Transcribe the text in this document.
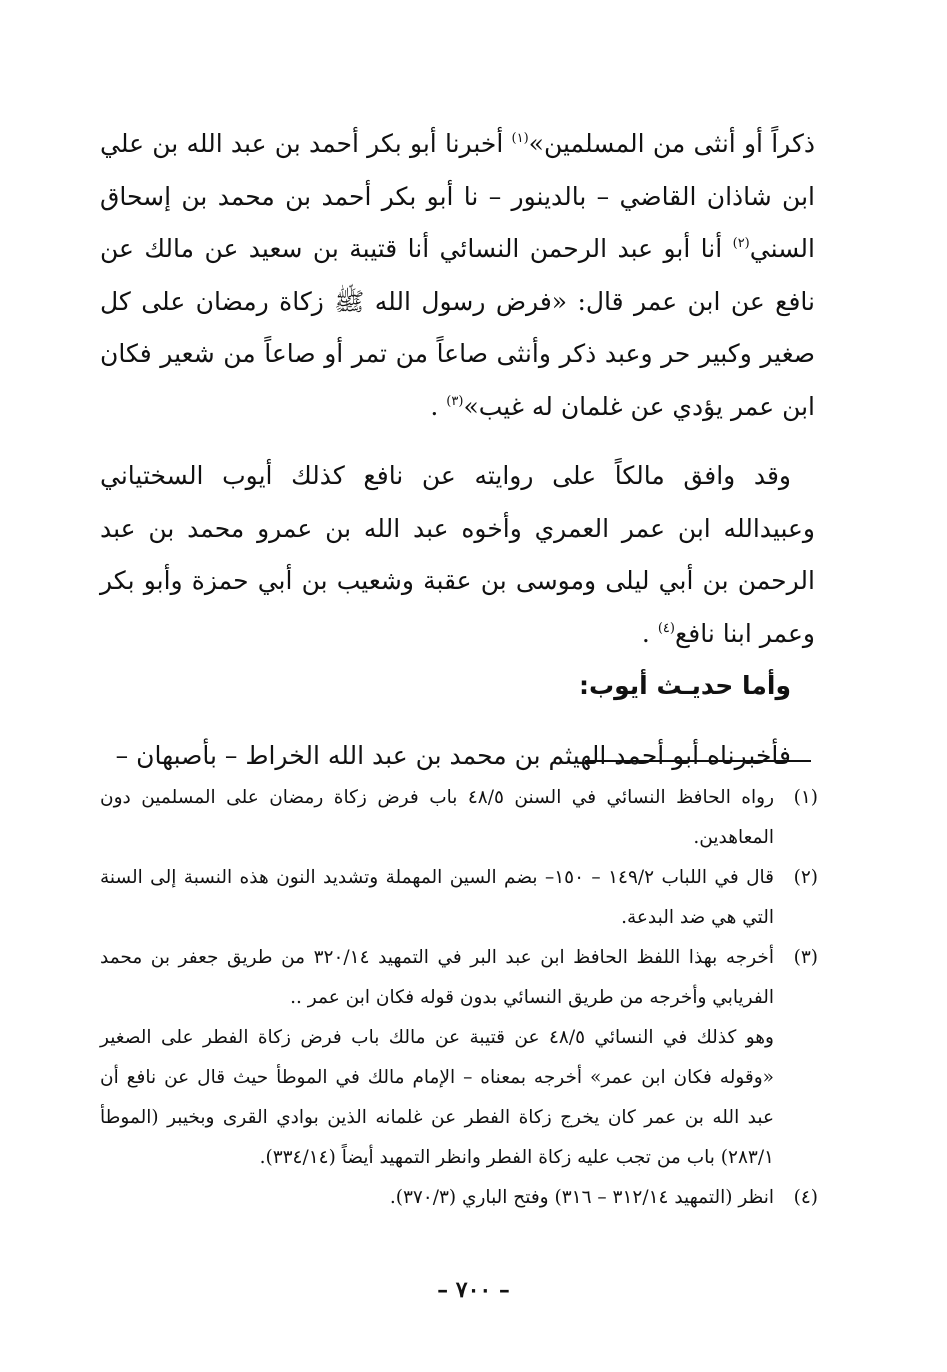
ذكراً أو أنثى من المسلمين»$^{(١)}$ أخبرنا أبو بكر أحمد بن عبد الله بن علي ابن شاذان القاضي – بالدينور – نا أبو بكر أحمد بن محمد بن إسحاق السني$^{(٢)}$ أنا أبو عبد الرحمن النسائي أنا قتيبة بن سعيد عن مالك عن نافع عن ابن عمر قال: «فرض رسول الله ﷺ زكاة رمضان على كل صغير وكبير حر وعبد ذكر وأنثى صاعاً من تمر أو صاعاً من شعير فكان ابن عمر يؤدي عن غلمان له غيب»$^{(٣)}$ .

وقد وافق مالكاً على روايته عن نافع كذلك أيوب السختياني وعبيدالله ابن عمر العمري وأخوه عبد الله بن عمرو محمد بن عبد الرحمن بن أبي ليلى وموسى بن عقبة وشعيب بن أبي حمزة وأبو بكر وعمر ابنا نافع$^{(٤)}$ .

وأما حديـث أيوب:

فأخبرناه أبو أحمد الهيثم بن محمد بن عبد الله الخراط – بأصبهان –

(١)

رواه الحافظ النسائي في السنن ٤٨/٥ باب فرض زكاة رمضان على المسلمين دون المعاهدين.

(٢)

قال في اللباب ١٤٩/٢ – ١٥٠– بضم السين المهملة وتشديد النون هذه النسبة إلى السنة التي هي ضد البدعة.

(٣)

أخرجه بهذا اللفظ الحافظ ابن عبد البر في التمهيد ٣٢٠/١٤ من طريق جعفر بن محمد الفريابي وأخرجه من طريق النسائي بدون قوله فكان ابن عمر ..

وهو كذلك في النسائي ٤٨/٥ عن قتيبة عن مالك باب فرض زكاة الفطر على الصغير «وقوله فكان ابن عمر» أخرجه بمعناه – الإمام مالك في الموطأ حيث قال عن نافع أن عبد الله بن عمر كان يخرج زكاة الفطر عن غلمانه الذين بوادي القرى وبخيبر (الموطأ ٢٨٣/١) باب من تجب عليه زكاة الفطر وانظر التمهيد أيضاً (٣٣٤/١٤).

(٤)

انظر (التمهيد ٣١٢/١٤ – ٣١٦) وفتح الباري (٣٧٠/٣).

– ٧٠٠ –
